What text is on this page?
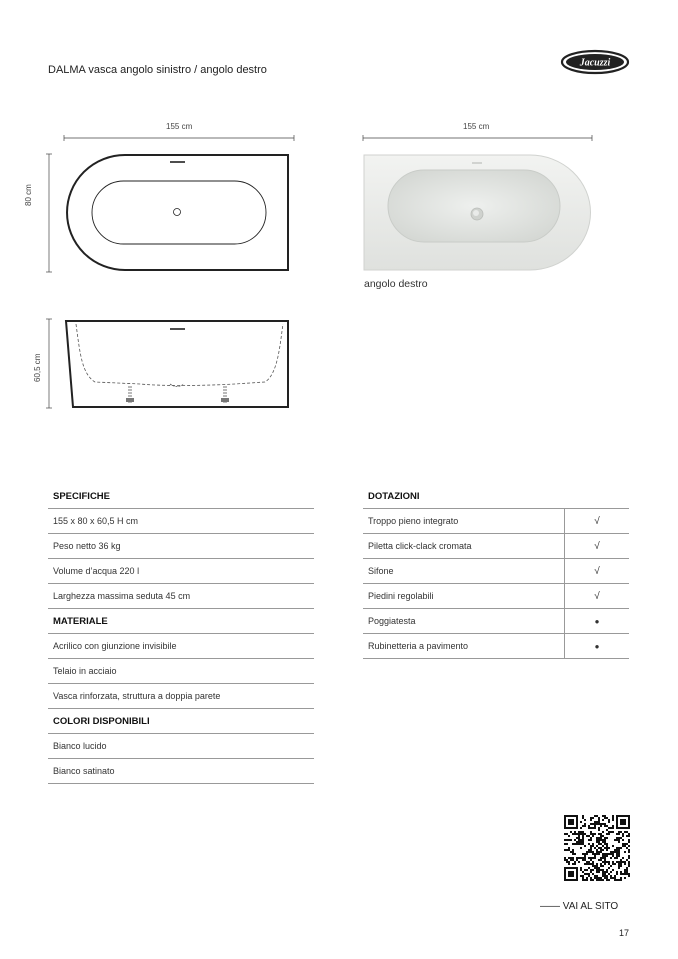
DALMA vasca angolo sinistro / angolo destro
Jacuzzi
155 cm
80 cm
60,5 cm
155 cm
angolo destro
SPECIFICHE
155 x 80 x 60,5 H cm
Peso netto 36 kg
Volume d’acqua 220 l
Larghezza massima seduta 45 cm
MATERIALE
Acrilico con giunzione invisibile
Telaio in acciaio
Vasca rinforzata, struttura a doppia parete
COLORI DISPONIBILI
Bianco lucido
Bianco satinato
DOTAZIONI
Troppo pieno integrato	√
Piletta click-clack cromata	√
Sifone	√
Piedini regolabili	√
Poggiatesta	●
Rubinetteria a pavimento	●
—— VAI AL SITO
17
